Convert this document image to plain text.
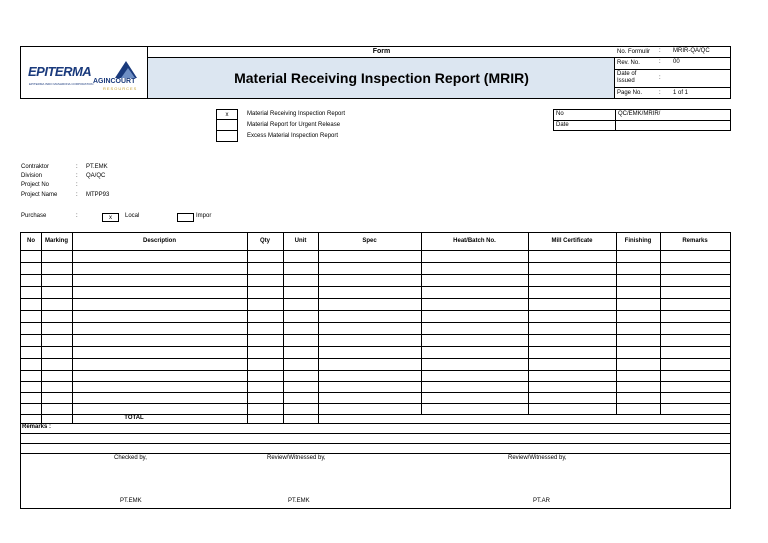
EPITERMA
EPITERMA INDO MASHRONA CORPORATION AGINCOURT
RESOURCES
Form
Material Receiving Inspection Report (MRIR)
No. Formulir : MRIR-QA/QC
Rev. No.	: 00
Date of Issued	:
Page No.	: 1 of 1
x	Material Receiving Inspection Report
Material Report for Urgent Release
Excess Material Inspection Report
No	QC/EMK/MRIR/
Date
Contraktor	: PT.EMK
Division	: QA/QC
Project No	:
Project Name	: MTPP93
Purchase	:	x	Local	Impor
No	Marking	Description	Qty	Unit	Spec	Heat/Batch No.	Mill Certificate	Finishing	Remarks
TOTAL
Remarks :
Checked by,	Review/Witnessed by,	Review/Witnessed by,
PT.EMK	PT.EMK	PT.AR
